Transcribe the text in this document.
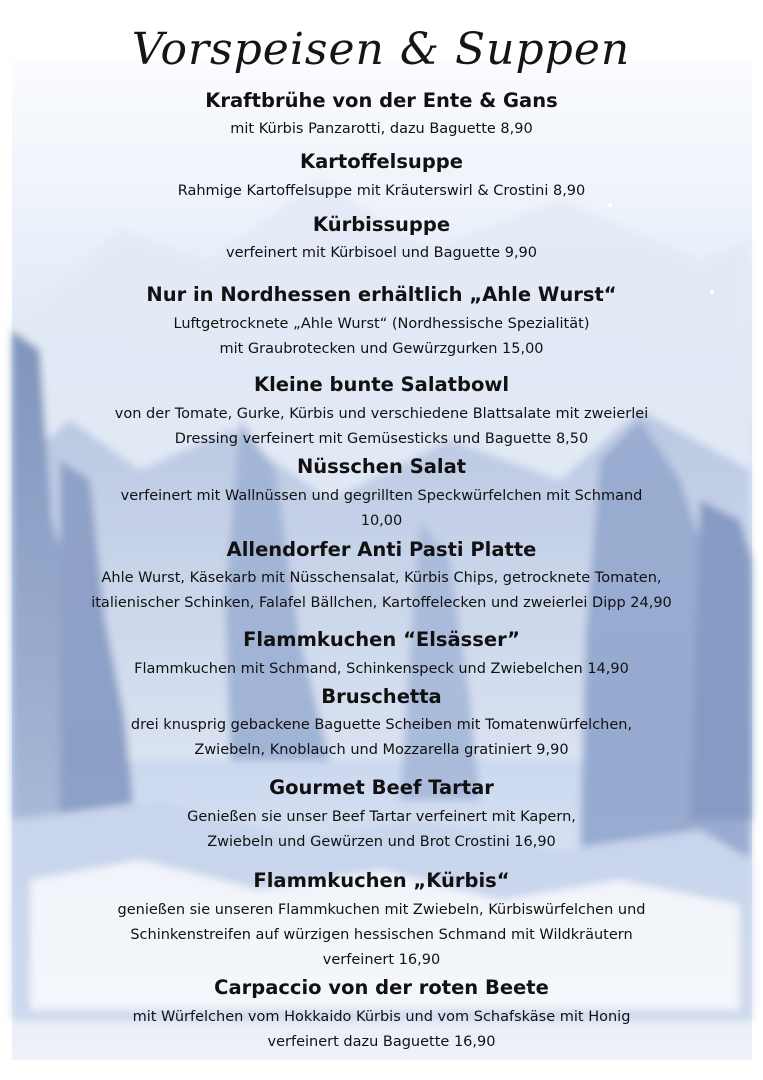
Vorspeisen & Suppen
Kraftbrühe von der Ente & Gans
mit Kürbis Panzarotti, dazu Baguette 8,90
Kartoffelsuppe
Rahmige Kartoffelsuppe mit Kräuterswirl & Crostini 8,90
Kürbissuppe
verfeinert mit Kürbisoel und Baguette 9,90
Nur in Nordhessen erhältlich „Ahle Wurst“
Luftgetrocknete „Ahle Wurst“ (Nordhessische Spezialität)
mit Graubrotecken und Gewürzgurken 15,00
Kleine bunte Salatbowl
von der Tomate, Gurke, Kürbis und verschiedene Blattsalate mit zweierlei
Dressing verfeinert mit Gemüsesticks und Baguette 8,50
Nüsschen Salat
verfeinert mit Wallnüssen und gegrillten Speckwürfelchen mit Schmand
10,00
Allendorfer Anti Pasti Platte
Ahle Wurst, Käsekarb mit Nüsschensalat, Kürbis Chips, getrocknete Tomaten,
italienischer Schinken, Falafel Bällchen, Kartoffelecken und zweierlei Dipp 24,90
Flammkuchen “Elsässer”
Flammkuchen mit Schmand, Schinkenspeck und Zwiebelchen 14,90
Bruschetta
drei knusprig gebackene Baguette Scheiben mit Tomatenwürfelchen,
Zwiebeln, Knoblauch und Mozzarella gratiniert 9,90
Gourmet Beef Tartar
Genießen sie unser Beef Tartar verfeinert mit Kapern,
Zwiebeln und Gewürzen und Brot Crostini 16,90
Flammkuchen „Kürbis“
genießen sie unseren Flammkuchen mit Zwiebeln, Kürbiswürfelchen und
Schinkenstreifen auf würzigen hessischen Schmand mit Wildkräutern
verfeinert 16,90
Carpaccio von der roten Beete
mit Würfelchen vom Hokkaido Kürbis und vom Schafskäse mit Honig
verfeinert dazu Baguette 16,90
